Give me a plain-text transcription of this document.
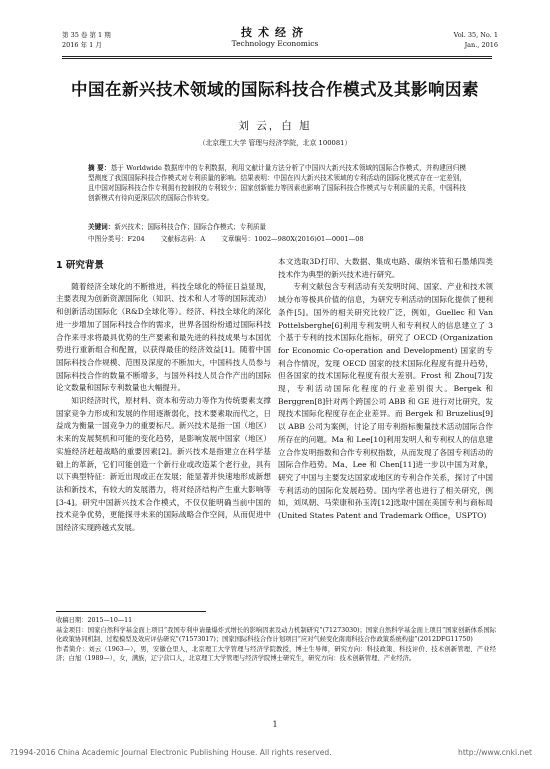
第 35 卷 第 1 期
2016 年 1 月
技术经济
Technology Economics
Vol. 35, No. 1
Jan., 2016
中国在新兴技术领域的国际科技合作模式及其影响因素
刘 云，白 旭
（北京理工大学 管理与经济学院，北京 100081）
摘 要：基于 Worldwide 数据库中的专利数据，利用文献计量方法分析了中国四大新兴技术领域的国际合作模式，并构建回归模型测度了我国国际科技合作模式对专利质量的影响。结果表明：中国在四大新兴技术领域的专利活动的国际化模式存在一定差别，且中国对国际科技合作专利拥有控制权的专利较少；国家创新能力等因素也影响了国际科技合作模式与专利质量的关系，中国科技创新模式有待向更深层次的国际合作转变。
关键词：新兴技术；国际科技合作；国际合作模式；专利质量
中图分类号：F204 文献标志码：A 文章编号：1002—980X(2016)01—0001—08
1 研究背景

随着经济全球化的不断推进，科技全球化的特征日益显现，主要表现为创新资源国际化（知识、技术和人才等的国际流动）和创新活动国际化（R&D全球化等）。经济、科技全球化的深化进一步增加了国际科技合作的需求，世界各国纷纷通过国际科技合作来寻求将最具优势的生产要素和最先进的科技成果与本国优势进行重新组合和配置，以获得最佳的经济效益[1]。随着中国国际科技合作规模、范围及深度的不断加大，中国科技人员参与国际科技合作的数量不断增多，与国外科技人员合作产出的国际论文数量和国际专利数量也大幅提升。

知识经济时代，原材料、资本和劳动力等作为传统要素支撑国家竞争力形成和发展的作用逐渐弱化，技术要素取而代之，日益成为衡量一国竞争力的重要标尺。新兴技术是指一国（地区）未来的发展契机和可能的变化趋势，是影响发展中国家（地区）实施经济赶超战略的重要因素[2]。新兴技术是指建立在科学基础上的革新，它们可能创造一个新行业或改造某个老行业，具有以下典型特征：新近出现或正在发展；能显著并快速地形成新想法和新技术，有较大的发展潜力，将对经济结构产生重大影响等[3-4]。研究中国新兴技术合作模式，不仅仅能明确当前中国的技术竞争优势，更能探寻未来的国际战略合作空间，从而促进中国经济实现跨越式发展。

本文选取3D打印、大数据、集成电路、碳纳米管和石墨烯四类技术作为典型的新兴技术进行研究。

专利文献包含专利活动有关发明时间、国家、产业和技术领域分布等极具价值的信息，为研究专利活动的国际化提供了便利条件[5]。国外的相关研究比较广泛，例如，Guellec 和 Van Pottelsberghe[6]利用专利发明人和专利权人的信息建立了 3 个基于专利的技术国际化指标，研究了 OECD (Organization for Economic Co-operation and Development) 国家的专利合作情况，发现 OECD 国家的技术国际化程度有提升趋势，但各国家的技术国际化程度有很大差别。Frost 和 Zhou[7]发现，专利活动国际化程度的行业差别很大。Bergek 和 Berggren[8]针对两个跨国公司 ABB 和 GE 进行对比研究，发现技术国际化程度存在企业差异。而 Bergek 和 Bruzelius[9]以 ABB 公司为案例，讨论了用专利指标衡量技术活动国际合作所存在的问题。Ma 和 Lee[10]利用发明人和专利权人的信息建立合作发明指数和合作专利权指数，从而发现了各国专利活动的国际合作趋势。Ma、Lee 和 Chen[11]进一步以中国为对象，研究了中国与主要发达国家或地区的专利合作关系，探讨了中国专利活动的国际化发展趋势。国内学者也进行了相关研究，例如，刘凤朝、马荣康和孙玉涛[12]选取中国在美国专利与商标局 (United States Patent and Trademark Office，USPTO)

收稿日期：2015—10—11
基金项目：国家自然科学基金面上项目“我国专利申请量爆炸式增长的影响因素及动力机制研究”(71273030)；国家自然科学基金面上项目“国家创新体系国际化政策协同机制、过程模型及效应评估研究”(71573017)；国家国际科技合作计划项目“应对气候变化南南科技合作政策系统构建”(2012DFG11750)
作者简介：刘云（1963—），男，安徽仓里人，北京理工大学管理与经济学院教授，博士生导师，研究方向：科技政策、科技评价、技术创新管理、产业经济；白旭（1989—），女，满族，辽宁营口人，北京理工大学管理与经济学院博士研究生，研究方向：技术创新管理、产业经济。
1
?1994-2016 China Academic Journal Electronic Publishing House. All rights reserved.	http://www.cnki.net
